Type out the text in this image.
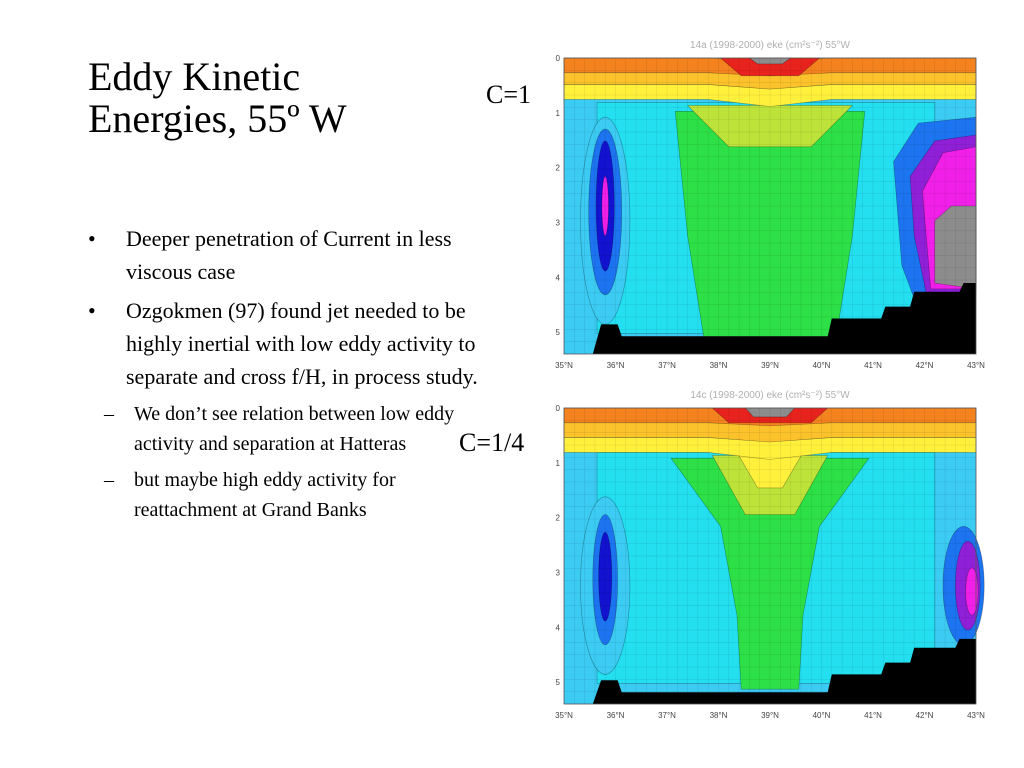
Eddy Kinetic
Energies, 55º W
• Deeper penetration of Current in less viscous case
• Ozgokmen (97) found jet needed to be highly inertial with low eddy activity to separate and cross f/H, in process study.
– We don’t see relation between low eddy activity and separation at Hatteras
– but maybe high eddy activity for reattachment at Grand Banks
C=1
C=1/4
14a (1998-2000) eke (cm²s⁻²) 55°W
0
1
2
3
4
5
35°N	36°N	37°N	38°N	39°N	40°N	41°N	42°N	43°N
14c (1998-2000) eke (cm²s⁻²) 55°W
0
1
2
3
4
5
35°N	36°N	37°N	38°N	39°N	40°N	41°N	42°N	43°N
